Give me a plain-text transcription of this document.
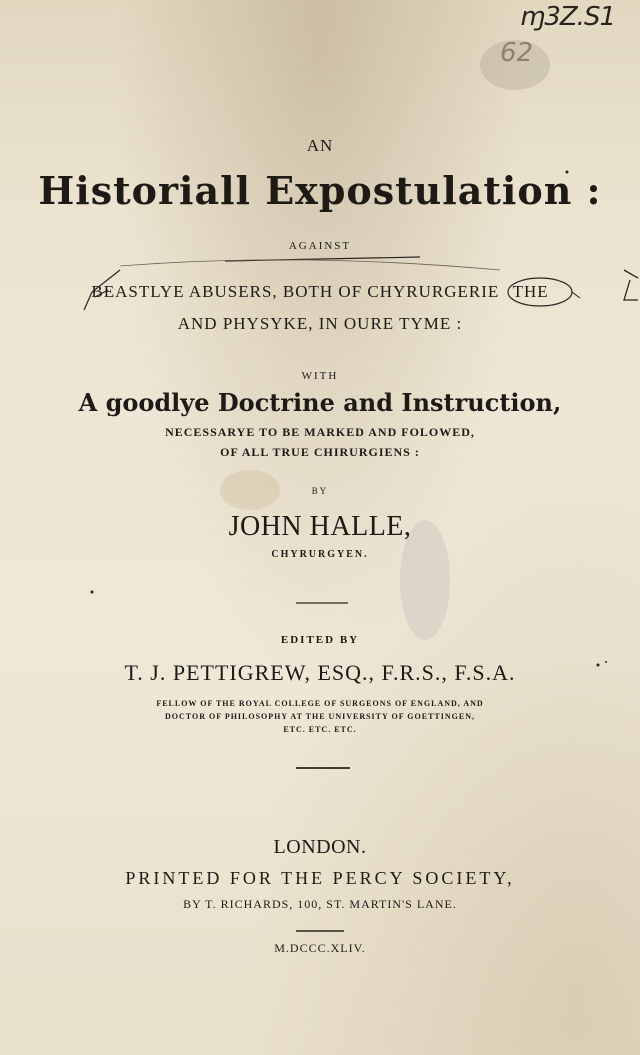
ɱ3Z.S1
62
AN
Historiall Expostulation :
AGAINST
BEASTLYE ABUSERS, BOTH OF CHYRURGERIE THE
AND PHYSYKE, IN OURE TYME :
WITH
A goodlye Doctrine and Instruction,
NECESSARYE TO BE MARKED AND FOLOWED,
OF ALL TRUE CHIRURGIENS :
BY
JOHN HALLE,
CHYRURGYEN.
EDITED BY
T. J. PETTIGREW, ESQ., F.R.S., F.S.A.
FELLOW OF THE ROYAL COLLEGE OF SURGEONS OF ENGLAND, AND
DOCTOR OF PHILOSOPHY AT THE UNIVERSITY OF GOETTINGEN,
ETC. ETC. ETC.
LONDON.
PRINTED FOR THE PERCY SOCIETY,
BY T. RICHARDS, 100, ST. MARTIN'S LANE.
M.DCCC.XLIV.
